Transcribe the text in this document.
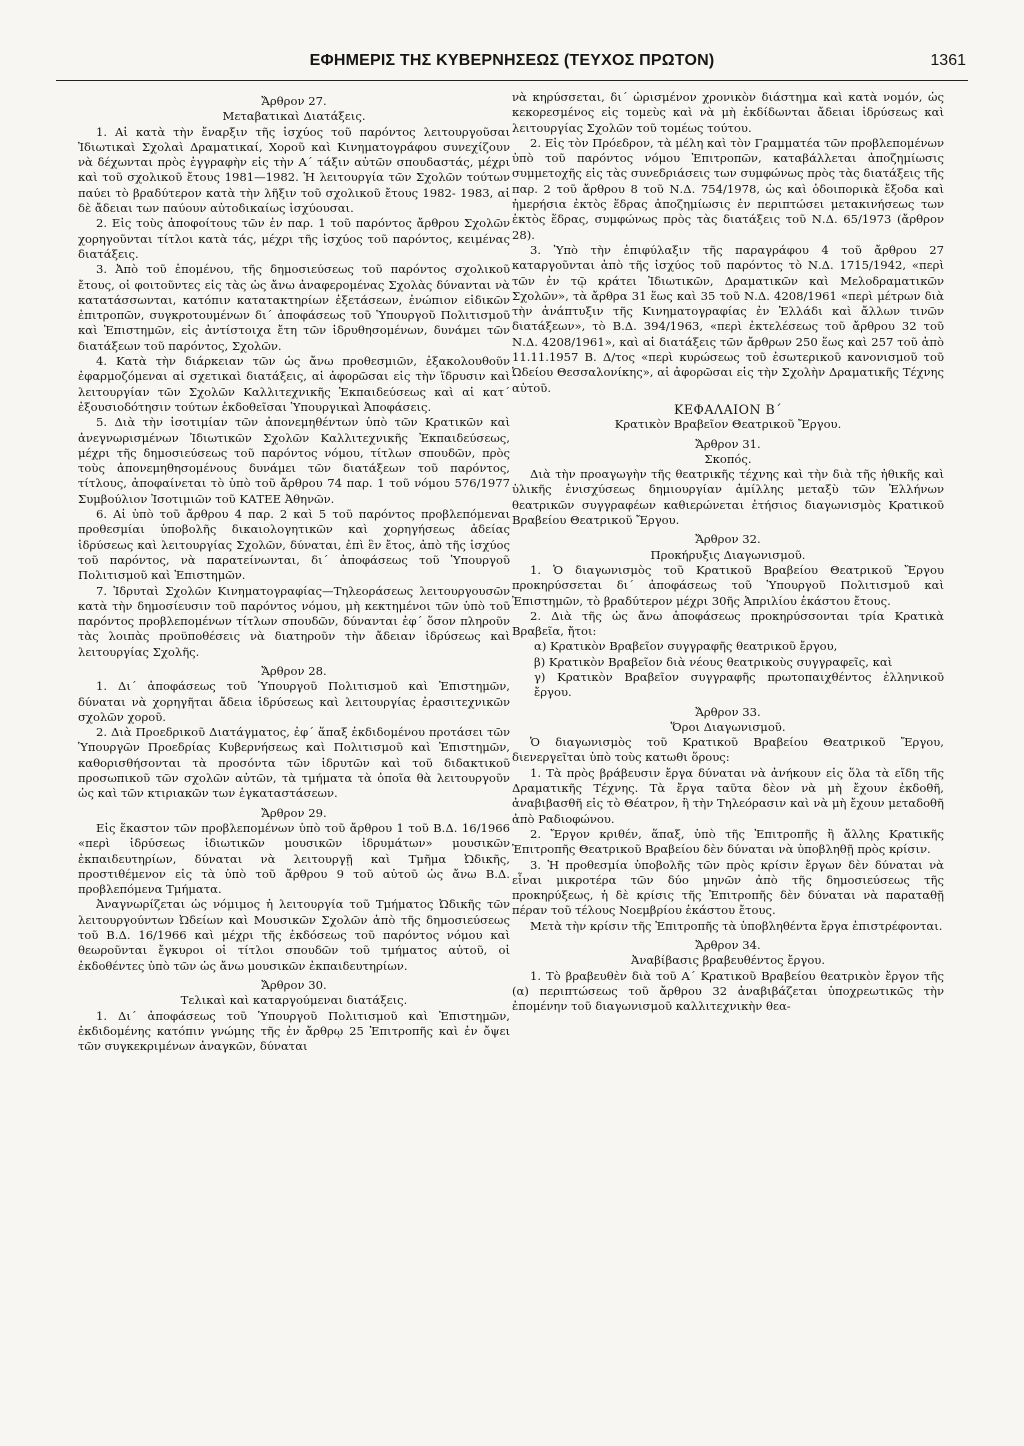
ΕΦΗΜΕΡΙΣ ΤΗΣ ΚΥΒΕΡΝΗΣΕΩΣ (ΤΕΥΧΟΣ ΠΡΩΤΟΝ)	1361

Ἄρθρον 27.

Μεταβατικαὶ Διατάξεις.

1. Αἱ κατὰ τὴν ἔναρξιν τῆς ἰσχύος τοῦ παρόντος λειτουργοῦσαι Ἰδιωτικαὶ Σχολαὶ Δραματικαί, Χοροῦ καὶ Κινηματογράφου συνεχίζουν νὰ δέχωνται πρὸς ἐγγραφὴν εἰς τὴν Α΄ τάξιν αὐτῶν σπουδαστάς, μέχρι καὶ τοῦ σχολικοῦ ἔτους 1981—1982. Ἡ λειτουργία τῶν Σχολῶν τούτων παύει τὸ βραδύτερον κατὰ τὴν λῆξιν τοῦ σχολικοῦ ἔτους 1982- 1983, αἱ δὲ ἄδειαι των παύουν αὐτοδικαίως ἰσχύουσαι.

2. Εἰς τοὺς ἀποφοίτους τῶν ἐν παρ. 1 τοῦ παρόντος ἄρθρου Σχολῶν χορηγοῦνται τίτλοι κατὰ τάς, μέχρι τῆς ἰσχύος τοῦ παρόντος, κειμένας διατάξεις.

3. Ἀπὸ τοῦ ἐπομένου, τῆς δημοσιεύσεως τοῦ παρόντος σχολικοῦ ἔτους, οἱ φοιτοῦντες εἰς τὰς ὡς ἄνω ἀναφερομένας Σχολὰς δύνανται νὰ κατατάσσωνται, κατόπιν κατατακτηρίων ἐξετάσεων, ἐνώπιον εἰδικῶν ἐπιτροπῶν, συγκροτουμένων δι΄ ἀποφάσεως τοῦ Ὑπουργοῦ Πολιτισμοῦ καὶ Ἐπιστημῶν, εἰς ἀντίστοιχα ἔτη τῶν ἱδρυθησομένων, δυνάμει τῶν διατάξεων τοῦ παρόντος, Σχολῶν.

4. Κατὰ τὴν διάρκειαν τῶν ὡς ἄνω προθεσμιῶν, ἐξακολουθοῦν ἐφαρμοζόμεναι αἱ σχετικαὶ διατάξεις, αἱ ἀφορῶσαι εἰς τὴν ἵδρυσιν καὶ λειτουργίαν τῶν Σχολῶν Καλλιτεχνικῆς Ἐκπαιδεύσεως καὶ αἱ κατ΄ ἐξουσιοδότησιν τούτων ἐκδοθεῖσαι Ὑπουργικαὶ Ἀποφάσεις.

5. Διὰ τὴν ἰσοτιμίαν τῶν ἀπονεμηθέντων ὑπὸ τῶν Κρατικῶν καὶ ἀνεγνωρισμένων Ἰδιωτικῶν Σχολῶν Καλλιτεχνικῆς Ἐκπαιδεύσεως, μέχρι τῆς δημοσιεύσεως τοῦ παρόντος νόμου, τίτλων σπουδῶν, πρὸς τοὺς ἀπονεμηθησομένους δυνάμει τῶν διατάξεων τοῦ παρόντος, τίτλους, ἀποφαίνεται τὸ ὑπὸ τοῦ ἄρθρου 74 παρ. 1 τοῦ νόμου 576/1977 Συμβούλιον Ἰσοτιμιῶν τοῦ ΚΑΤΕΕ Ἀθηνῶν.

6. Αἱ ὑπὸ τοῦ ἄρθρου 4 παρ. 2 καὶ 5 τοῦ παρόντος προβλεπόμεναι προθεσμίαι ὑποβολῆς δικαιολογητικῶν καὶ χορηγήσεως ἀδείας ἱδρύσεως καὶ λειτουργίας Σχολῶν, δύναται, ἐπὶ ἓν ἔτος, ἀπὸ τῆς ἰσχύος τοῦ παρόντος, νὰ παρατείνωνται, δι΄ ἀποφάσεως τοῦ Ὑπουργοῦ Πολιτισμοῦ καὶ Ἐπιστημῶν.

7. Ἱδρυταὶ Σχολῶν Κινηματογραφίας—Τηλεοράσεως λειτουργουσῶν κατὰ τὴν δημοσίευσιν τοῦ παρόντος νόμου, μὴ κεκτημένοι τῶν ὑπὸ τοῦ παρόντος προβλεπομένων τίτλων σπουδῶν, δύνανται ἐφ΄ ὅσον πληροῦν τὰς λοιπὰς προϋποθέσεις νὰ διατηροῦν τὴν ἄδειαν ἱδρύσεως καὶ λειτουργίας Σχολῆς.

Ἄρθρον 28.

1. Δι΄ ἀποφάσεως τοῦ Ὑπουργοῦ Πολιτισμοῦ καὶ Ἐπιστημῶν, δύναται νὰ χορηγῆται ἄδεια ἱδρύσεως καὶ λειτουργίας ἐρασιτεχνικῶν σχολῶν χοροῦ.

2. Διὰ Προεδρικοῦ Διατάγματος, ἐφ΄ ἅπαξ ἐκδιδομένου προτάσει τῶν Ὑπουργῶν Προεδρίας Κυβερνήσεως καὶ Πολιτισμοῦ καὶ Ἐπιστημῶν, καθορισθήσονται τὰ προσόντα τῶν ἱδρυτῶν καὶ τοῦ διδακτικοῦ προσωπικοῦ τῶν σχολῶν αὐτῶν, τὰ τμήματα τὰ ὁποῖα θὰ λειτουργοῦν ὡς καὶ τῶν κτιριακῶν των ἐγκαταστάσεων.

Ἄρθρον 29.

Εἰς ἕκαστον τῶν προβλεπομένων ὑπὸ τοῦ ἄρθρου 1 τοῦ Β.Δ. 16/1966 «περὶ ἱδρύσεως ἰδιωτικῶν μουσικῶν ἱδρυμάτων» μουσικῶν ἐκπαιδευτηρίων, δύναται νὰ λειτουργῇ καὶ Τμῆμα Ὠδικῆς, προστιθέμενον εἰς τὰ ὑπὸ τοῦ ἄρθρου 9 τοῦ αὐτοῦ ὡς ἄνω Β.Δ. προβλεπόμενα Τμήματα.

Ἀναγνωρίζεται ὡς νόμιμος ἡ λειτουργία τοῦ Τμήματος Ὠδικῆς τῶν λειτουργούντων Ὠδείων καὶ Μουσικῶν Σχολῶν ἀπὸ τῆς δημοσιεύσεως τοῦ Β.Δ. 16/1966 καὶ μέχρι τῆς ἐκδόσεως τοῦ παρόντος νόμου καὶ θεωροῦνται ἔγκυροι οἱ τίτλοι σπουδῶν τοῦ τμήματος αὐτοῦ, οἱ ἐκδοθέντες ὑπὸ τῶν ὡς ἄνω μουσικῶν ἐκπαιδευτηρίων.

Ἄρθρον 30.

Τελικαὶ καὶ καταργούμεναι διατάξεις.

1. Δι΄ ἀποφάσεως τοῦ Ὑπουργοῦ Πολιτισμοῦ καὶ Ἐπιστημῶν, ἐκδιδομένης κατόπιν γνώμης τῆς ἐν ἄρθρῳ 25 Ἐπιτροπῆς καὶ ἐν ὄψει τῶν συγκεκριμένων ἀναγκῶν, δύναται

νὰ κηρύσσεται, δι΄ ὡρισμένον χρονικὸν διάστημα καὶ κατὰ νομόν, ὡς κεκορεσμένος εἰς τομεὺς καὶ νὰ μὴ ἐκδίδωνται ἄδειαι ἱδρύσεως καὶ λειτουργίας Σχολῶν τοῦ τομέως τούτου.

2. Εἰς τὸν Πρόεδρον, τὰ μέλη καὶ τὸν Γραμματέα τῶν προβλεπομένων ὑπὸ τοῦ παρόντος νόμου Ἐπιτροπῶν, καταβάλλεται ἀποζημίωσις συμμετοχῆς εἰς τὰς συνεδριάσεις των συμφώνως πρὸς τὰς διατάξεις τῆς παρ. 2 τοῦ ἄρθρου 8 τοῦ Ν.Δ. 754/1978, ὡς καὶ ὁδοιπορικὰ ἔξοδα καὶ ἡμερήσια ἐκτὸς ἕδρας ἀποζημίωσις ἐν περιπτώσει μετακινήσεως των ἐκτὸς ἕδρας, συμφώνως πρὸς τὰς διατάξεις τοῦ Ν.Δ. 65/1973 (ἄρθρον 28).

3. Ὑπὸ τὴν ἐπιφύλαξιν τῆς παραγράφου 4 τοῦ ἄρθρου 27 καταργοῦνται ἀπὸ τῆς ἰσχύος τοῦ παρόντος τὸ Ν.Δ. 1715/1942, «περὶ τῶν ἐν τῷ κράτει Ἰδιωτικῶν, Δραματικῶν καὶ Μελοδραματικῶν Σχολῶν», τὰ ἄρθρα 31 ἕως καὶ 35 τοῦ Ν.Δ. 4208/1961 «περὶ μέτρων διὰ τὴν ἀνάπτυξιν τῆς Κινηματογραφίας ἐν Ἑλλάδι καὶ ἄλλων τινῶν διατάξεων», τὸ Β.Δ. 394/1963, «περὶ ἐκτελέσεως τοῦ ἄρθρου 32 τοῦ Ν.Δ. 4208/1961», καὶ αἱ διατάξεις τῶν ἄρθρων 250 ἕως καὶ 257 τοῦ ἀπὸ 11.11.1957 Β. Δ/τος «περὶ κυρώσεως τοῦ ἐσωτερικοῦ κανονισμοῦ τοῦ Ὠδείου Θεσσαλονίκης», αἱ ἀφορῶσαι εἰς τὴν Σχολὴν Δραματικῆς Τέχνης αὐτοῦ.

ΚΕΦΑΛΑΙΟΝ Β΄

Κρατικὸν Βραβεῖον Θεατρικοῦ Ἔργου.

Ἄρθρον 31.

Σκοπός.

Διὰ τὴν προαγωγὴν τῆς θεατρικῆς τέχνης καὶ τὴν διὰ τῆς ἠθικῆς καὶ ὑλικῆς ἐνισχύσεως δημιουργίαν ἁμίλλης μεταξὺ τῶν Ἑλλήνων θεατρικῶν συγγραφέων καθιερώνεται ἐτήσιος διαγωνισμὸς Κρατικοῦ Βραβείου Θεατρικοῦ Ἔργου.

Ἄρθρον 32.

Προκήρυξις Διαγωνισμοῦ.

1. Ὁ διαγωνισμὸς τοῦ Κρατικοῦ Βραβείου Θεατρικοῦ Ἔργου προκηρύσσεται δι΄ ἀποφάσεως τοῦ Ὑπουργοῦ Πολιτισμοῦ καὶ Ἐπιστημῶν, τὸ βραδύτερον μέχρι 30ῆς Ἀπριλίου ἑκάστου ἔτους.

2. Διὰ τῆς ὡς ἄνω ἀποφάσεως προκηρύσσονται τρία Κρατικὰ Βραβεῖα, ἤτοι:

α) Κρατικὸν Βραβεῖον συγγραφῆς θεατρικοῦ ἔργου,

β) Κρατικὸν Βραβεῖον διὰ νέους θεατρικοὺς συγγραφεῖς, καὶ

γ) Κρατικὸν Βραβεῖον συγγραφῆς πρωτοπαιχθέντος ἑλληνικοῦ ἔργου.

Ἄρθρον 33.

Ὅροι Διαγωνισμοῦ.

Ὁ διαγωνισμὸς τοῦ Κρατικοῦ Βραβείου Θεατρικοῦ Ἔργου, διενεργεῖται ὑπὸ τοὺς κατωθι ὅρους:

1. Τὰ πρὸς βράβευσιν ἔργα δύναται νὰ ἀνήκουν εἰς ὅλα τὰ εἴδη τῆς Δραματικῆς Τέχνης. Τὰ ἔργα ταῦτα δὲον νὰ μὴ ἔχουν ἐκδοθῆ, ἀναβιβασθῆ εἰς τὸ Θέατρον, ἢ τὴν Τηλεόρασιν καὶ νὰ μὴ ἔχουν μεταδοθῆ ἀπὸ Ραδιοφώνου.

2. Ἔργον κριθέν, ἅπαξ, ὑπὸ τῆς Ἐπιτροπῆς ἢ ἄλλης Κρατικῆς Ἐπιτροπῆς Θεατρικοῦ Βραβείου δὲν δύναται νὰ ὑποβληθῇ πρὸς κρίσιν.

3. Ἡ προθεσμία ὑποβολῆς τῶν πρὸς κρίσιν ἔργων δὲν δύναται νὰ εἶναι μικροτέρα τῶν δύο μηνῶν ἀπὸ τῆς δημοσιεύσεως τῆς προκηρύξεως, ἡ δὲ κρίσις τῆς Ἐπιτροπῆς δὲν δύναται νὰ παραταθῇ πέραν τοῦ τέλους Νοεμβρίου ἑκάστου ἔτους.

Μετὰ τὴν κρίσιν τῆς Ἐπιτροπῆς τὰ ὑποβληθέντα ἔργα ἐπιστρέφονται.

Ἄρθρον 34.

Ἀναβίβασις βραβευθέντος ἔργου.

1. Τὸ βραβευθὲν διὰ τοῦ Α΄ Κρατικοῦ Βραβείου θεατρικὸν ἔργον τῆς (α) περιπτώσεως τοῦ ἄρθρου 32 ἀναβιβάζεται ὑποχρεωτικῶς τὴν ἐπομένην τοῦ διαγωνισμοῦ καλλιτεχνικὴν θεα-
